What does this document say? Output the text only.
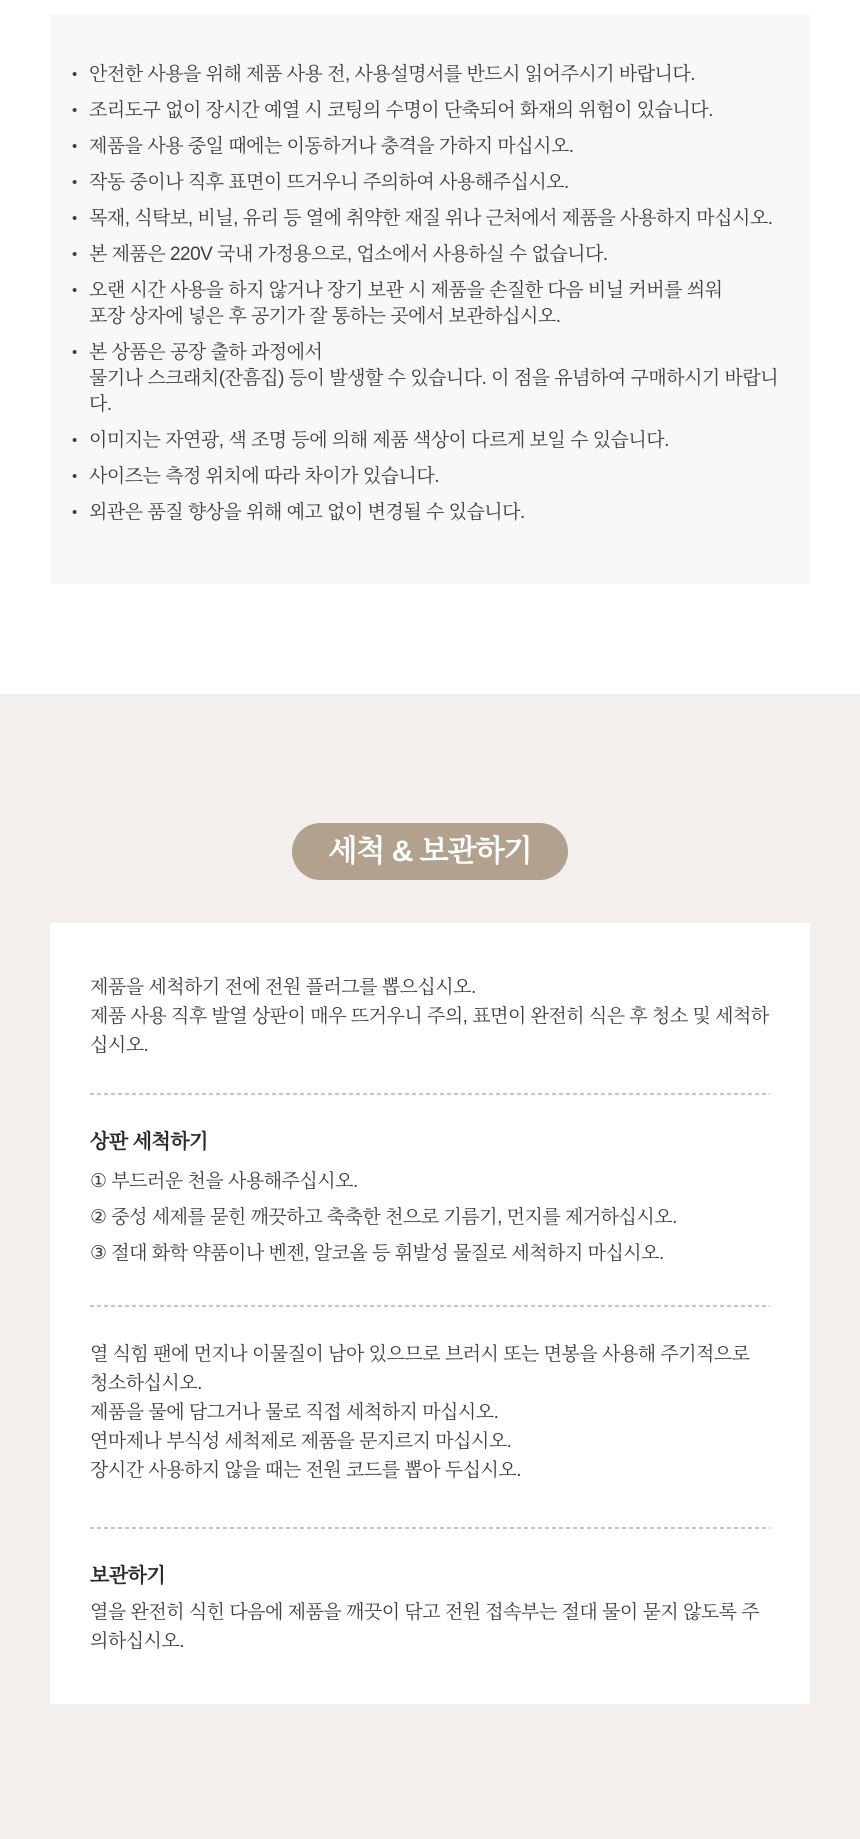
• 안전한 사용을 위해 제품 사용 전, 사용설명서를 반드시 읽어주시기 바랍니다.
• 조리도구 없이 장시간 예열 시 코팅의 수명이 단축되어 화재의 위험이 있습니다.
• 제품을 사용 중일 때에는 이동하거나 충격을 가하지 마십시오.
• 작동 중이나 직후 표면이 뜨거우니 주의하여 사용해주십시오.
• 목재, 식탁보, 비닐, 유리 등 열에 취약한 재질 위나 근처에서 제품을 사용하지 마십시오.
• 본 제품은 220V 국내 가정용으로, 업소에서 사용하실 수 없습니다.
• 오랜 시간 사용을 하지 않거나 장기 보관 시 제품을 손질한 다음 비닐 커버를 씌워
포장 상자에 넣은 후 공기가 잘 통하는 곳에서 보관하십시오.
• 본 상품은 공장 출하 과정에서
물기나 스크래치(잔흠집) 등이 발생할 수 있습니다. 이 점을 유념하여 구매하시기 바랍니다.
• 이미지는 자연광, 색 조명 등에 의해 제품 색상이 다르게 보일 수 있습니다.
• 사이즈는 측정 위치에 따라 차이가 있습니다.
• 외관은 품질 향상을 위해 예고 없이 변경될 수 있습니다.
세척 & 보관하기
제품을 세척하기 전에 전원 플러그를 뽑으십시오.
제품 사용 직후 발열 상판이 매우 뜨거우니 주의, 표면이 완전히 식은 후 청소 및 세척하십시오.
상판 세척하기
① 부드러운 천을 사용해주십시오.
② 중성 세제를 묻힌 깨끗하고 축축한 천으로 기름기, 먼지를 제거하십시오.
③ 절대 화학 약품이나 벤젠, 알코올 등 휘발성 물질로 세척하지 마십시오.
열 식힘 팬에 먼지나 이물질이 남아 있으므로 브러시 또는 면봉을 사용해 주기적으로 청소하십시오.
제품을 물에 담그거나 물로 직접 세척하지 마십시오.
연마제나 부식성 세척제로 제품을 문지르지 마십시오.
장시간 사용하지 않을 때는 전원 코드를 뽑아 두십시오.
보관하기
열을 완전히 식힌 다음에 제품을 깨끗이 닦고 전원 접속부는 절대 물이 묻지 않도록 주의하십시오.
